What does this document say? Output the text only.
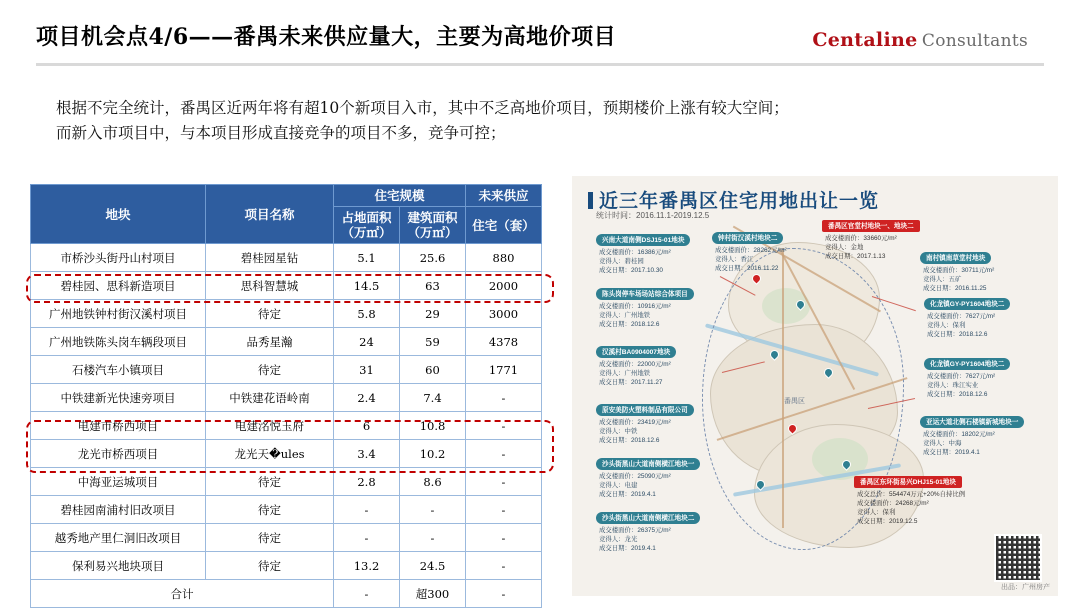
项目机会点4/6——番禺未来供应量大，主要为高地价项目	Centaline Consultants

根据不完全统计，番禺区近两年将有超10个新项目入市，其中不乏高地价项目，预期楼价上涨有较大空间；

而新入市项目中，与本项目形成直接竞争的项目不多，竞争可控；

地块	项目名称	住宅规模		未来供应
		占地面积（万㎡）	建筑面积（万㎡）	住宅（套）
市桥沙头街丹山村项目	碧桂园星钻	5.1	25.6	880
碧桂园、思科新造项目	思科智慧城	14.5	63	2000
广州地铁钟村街汉溪村项目	待定	5.8	29	3000
广州地铁陈头岗车辆段项目	品秀星瀚	24	59	4378
石楼汽车小镇项目	待定	31	60	1771
中铁建新光快速旁项目	中铁建花语岭南	2.4	7.4	-
电建市桥西项目	电建洺悦玉府	6	10.8	-
龙光市桥西项目	龙光天�ules	3.4	10.2	-
中海亚运城项目	待定	2.8	8.6	-
碧桂园南浦村旧改项目	待定	-	-	-
越秀地产里仁洞旧改项目	待定	-	-	-
保利易兴地块项目	待定	13.2	24.5	-
合计		-	超300	-
近三年番禺区住宅用地出让一览
统计时间：2016.11.1-2019.12.5
番禺区
兴南大道南侧DSJ15-01地块
成交楼面价：16386元/m²
竞得人：碧桂园
成交日期：2017.10.30
陈头岗停车场场站综合体项目
成交楼面价：10916元/m²
竞得人：广州地铁
成交日期：2018.12.6
汉溪村BA0904007地块
成交楼面价：22000元/m²
竞得人：广州地铁
成交日期：2017.11.27
原安美防火塑料制品有限公司
成交楼面价：23419元/m²
竞得人：中铁
成交日期：2018.12.6
沙头街黑山大道南侧横江地块一
成交楼面价：25090元/m²
竞得人：电建
成交日期：2019.4.1
沙头街黑山大道南侧横江地块二
成交楼面价：26375元/m²
竞得人：龙光
成交日期：2019.4.1
钟村街汉溪村地块二
成交楼面价：28262元/m²
竞得人：香江
成交日期：2016.11.22
番禺区官堂村地块一、地块二
成交楼面价：33660元/m²
竞得人：金地
成交日期：2017.1.13	南村镇南草堂村地块
成交楼面价：30711元/m²
竞得人：五矿
成交日期：2016.11.25
化龙镇GY-PY1604地块二
成交楼面价：7627元/m²
竞得人：保利
成交日期：2018.12.6
化龙镇GY-PY1604地块二
成交楼面价：7627元/m²
竞得人：珠江实业
成交日期：2018.12.6
亚运大道北侧石楼镇新城地块一
成交楼面价：18202元/m²
竞得人：中海
成交日期：2019.4.1
番禺区东环街易兴DHJ15-01地块
成交总价：554474万元+20%自持比例
成交楼面价：24268元/m²
竞得人：保利
成交日期：2019.12.5
出品：广州房产
